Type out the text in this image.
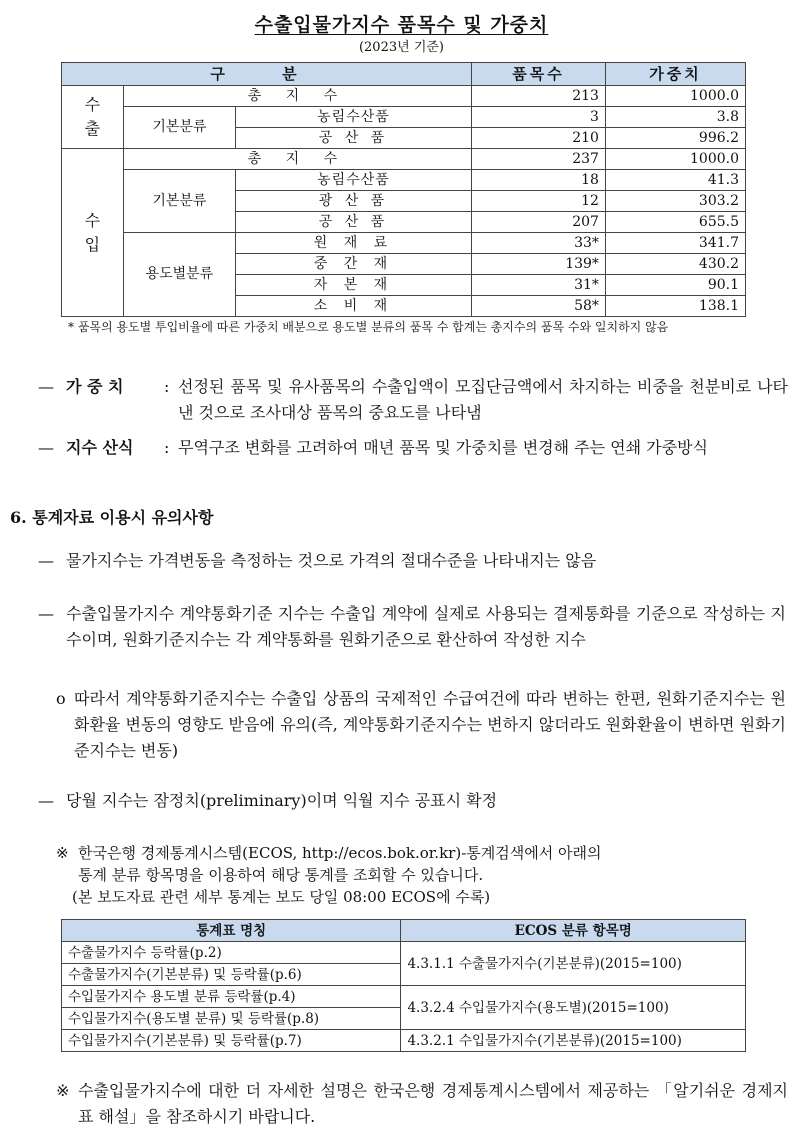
수출입물가지수 품목수 및 가중치
(2023년 기준)
구 분			품목수	가중치
수출	총 지 수		213	1000.0
	기본분류	농림수산품	3	3.8
		공 산 품	210	996.2
수입	총 지 수		237	1000.0
	기본분류	농림수산품	18	41.3
		광 산 품	12	303.2
		공 산 품	207	655.5
	용도별분류	원 재 료	33*	341.7
		중 간 재	139*	430.2
		자 본 재	31*	90.1
		소 비 재	58*	138.1
* 품목의 용도별 투입비율에 따른 가중치 배분으로 용도별 분류의 품목 수 합계는 총지수의 품목 수와 일치하지 않음
— 가 중 치	: 선정된 품목 및 유사품목의 수출입액이 모집단금액에서 차지하는 비중을 천분비로 나타낸 것으로 조사대상 품목의 중요도를 나타냄
— 지수 산식 : 무역구조 변화를 고려하여 매년 품목 및 가중치를 변경해 주는 연쇄 가중방식
6. 통계자료 이용시 유의사항
— 물가지수는 가격변동을 측정하는 것으로 가격의 절대수준을 나타내지는 않음
— 수출입물가지수 계약통화기준 지수는 수출입 계약에 실제로 사용되는 결제통화를 기준으로 작성하는 지수이며, 원화기준지수는 각 계약통화를 원화기준으로 환산하여 작성한 지수
o 따라서 계약통화기준지수는 수출입 상품의 국제적인 수급여건에 따라 변하는 한편, 원화기준지수는 원화환율 변동의 영향도 받음에 유의(즉, 계약통화기준지수는 변하지 않더라도 원화환율이 변하면 원화기준지수는 변동)
— 당월 지수는 잠정치(preliminary)이며 익월 지수 공표시 확정
※ 한국은행 경제통계시스템(ECOS, http://ecos.bok.or.kr)-통계검색에서 아래의
통계 분류 항목명을 이용하여 해당 통계를 조회할 수 있습니다.
(본 보도자료 관련 세부 통계는 보도 당일 08:00 ECOS에 수록)
통계표 명칭	ECOS 분류 항목명
수출물가지수 등락률(p.2)	4.3.1.1 수출물가지수(기본분류)(2015=100)
수출물가지수(기본분류) 및 등락률(p.6)	
수입물가지수 용도별 분류 등락률(p.4)	4.3.2.4 수입물가지수(용도별)(2015=100)
수입물가지수(용도별 분류) 및 등락률(p.8)	
수입물가지수(기본분류) 및 등락률(p.7)	4.3.2.1 수입물가지수(기본분류)(2015=100)
※ 수출입물가지수에 대한 더 자세한 설명은 한국은행 경제통계시스템에서 제공하는 「알기쉬운 경제지표 해설」을 참조하시기 바랍니다.
